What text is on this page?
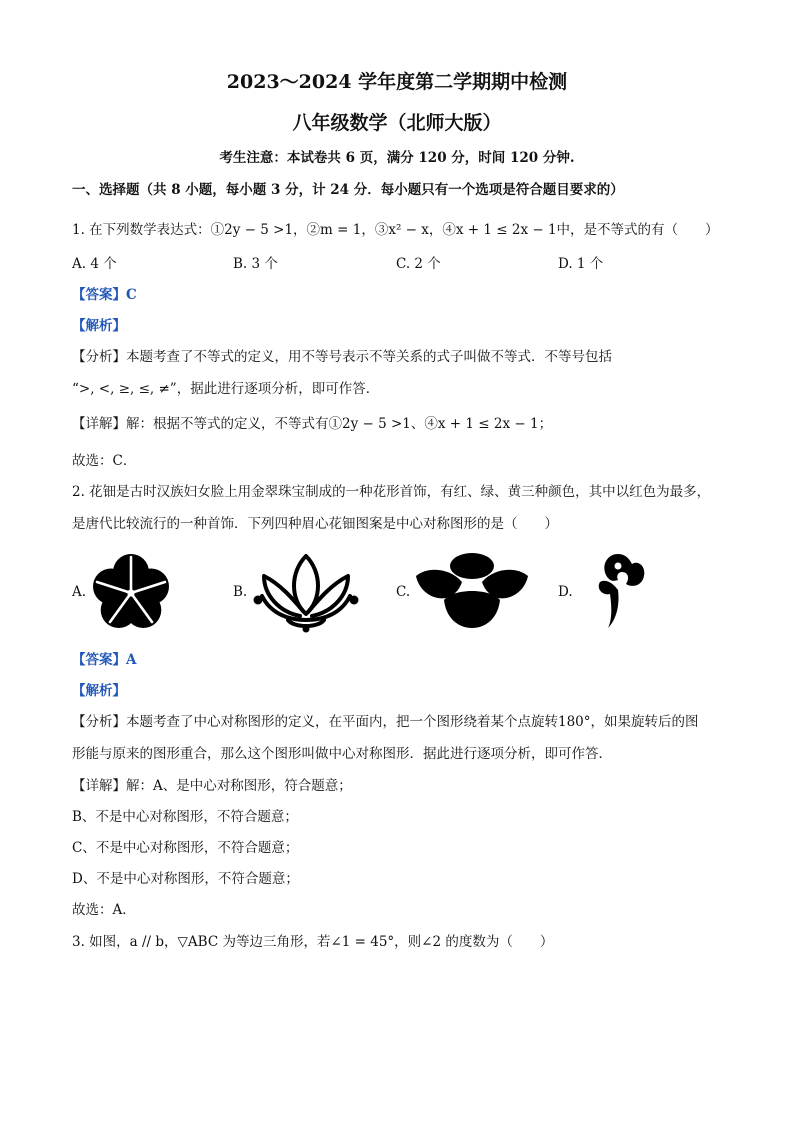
2023～2024 学年度第二学期期中检测
八年级数学（北师大版）
考生注意：本试卷共 6 页，满分 120 分，时间 120 分钟.
一、选择题（共 8 小题，每小题 3 分，计 24 分．每小题只有一个选项是符合题目要求的）
1. 在下列数学表达式：①2y − 5 >1，②m = 1，③x² − x，④x + 1 ≤ 2x − 1中，是不等式的有（　　）
A. 4 个	B. 3 个	C. 2 个	D. 1 个
【答案】C
【解析】
【分析】本题考查了不等式的定义，用不等号表示不等关系的式子叫做不等式．不等号包括
“>, <, ≥, ≤, ≠”，据此进行逐项分析，即可作答．
【详解】解：根据不等式的定义，不等式有①2y − 5 >1、④x + 1 ≤ 2x − 1；
故选：C．
2. 花钿是古时汉族妇女脸上用金翠珠宝制成的一种花形首饰，有红、绿、黄三种颜色，其中以红色为最多，
是唐代比较流行的一种首饰．下列四种眉心花钿图案是中心对称图形的是（　　）
A.	B.	C.	D.
【答案】A
【解析】
【分析】本题考查了中心对称图形的定义，在平面内，把一个图形绕着某个点旋转180°，如果旋转后的图
形能与原来的图形重合，那么这个图形叫做中心对称图形．据此进行逐项分析，即可作答．
【详解】解：A、是中心对称图形，符合题意；
B、不是中心对称图形，不符合题意；
C、不是中心对称图形，不符合题意；
D、不是中心对称图形，不符合题意；
故选：A．
3. 如图，a // b，▽ABC 为等边三角形，若∠1 = 45°，则∠2 的度数为（　　）
